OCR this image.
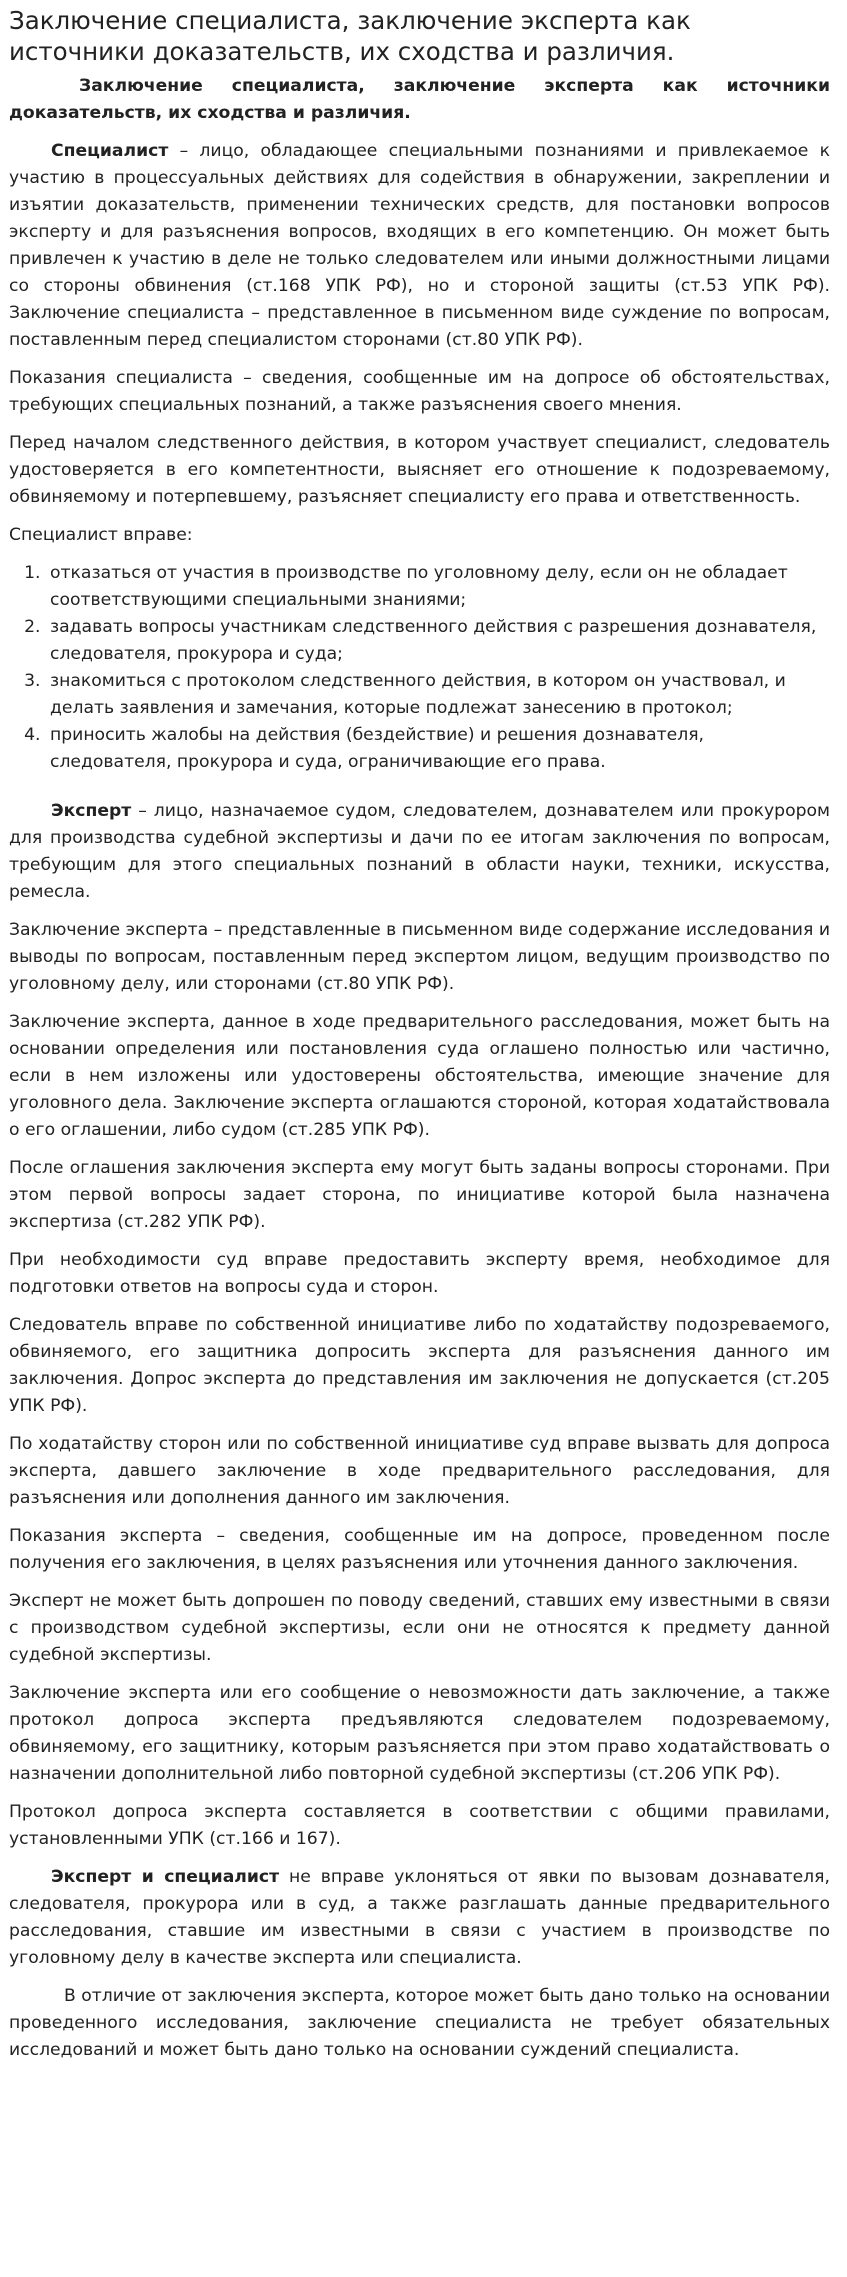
Заключение специалиста, заключение эксперта как источники доказательств, их сходства и различия.

Заключение специалиста, заключение эксперта как источники доказательств, их сходства и различия.

Специалист – лицо, обладающее специальными познаниями и привлекаемое к участию в процессуальных действиях для содействия в обнаружении, закреплении и изъятии доказательств, применении технических средств, для постановки вопросов эксперту и для разъяснения вопросов, входящих в его компетенцию. Он может быть привлечен к участию в деле не только следователем или иными должностными лицами со стороны обвинения (ст.168 УПК РФ), но и стороной защиты (ст.53 УПК РФ). Заключение специалиста – представленное в письменном виде суждение по вопросам, поставленным перед специалистом сторонами (ст.80 УПК РФ).

Показания специалиста – сведения, сообщенные им на допросе об обстоятельствах, требующих специальных познаний, а также разъяснения своего мнения.

Перед началом следственного действия, в котором участвует специалист, следователь удостоверяется в его компетентности, выясняет его отношение к подозреваемому, обвиняемому и потерпевшему, разъясняет специалисту его права и ответственность.

Специалист вправе:

1. отказаться от участия в производстве по уголовному делу, если он не обладает соответствующими специальными знаниями;
2. задавать вопросы участникам следственного действия с разрешения дознавателя, следователя, прокурора и суда;
3. знакомиться с протоколом следственного действия, в котором он участвовал, и делать заявления и замечания, которые подлежат занесению в протокол;
4. приносить жалобы на действия (бездействие) и решения дознавателя, следователя, прокурора и суда, ограничивающие его права.

Эксперт – лицо, назначаемое судом, следователем, дознавателем или прокурором для производства судебной экспертизы и дачи по ее итогам заключения по вопросам, требующим для этого специальных познаний в области науки, техники, искусства, ремесла.

Заключение эксперта – представленные в письменном виде содержание исследования и выводы по вопросам, поставленным перед экспертом лицом, ведущим производство по уголовному делу, или сторонами (ст.80 УПК РФ).

Заключение эксперта, данное в ходе предварительного расследования, может быть на основании определения или постановления суда оглашено полностью или частично, если в нем изложены или удостоверены обстоятельства, имеющие значение для уголовного дела. Заключение эксперта оглашаются стороной, которая ходатайствовала о его оглашении, либо судом (ст.285 УПК РФ).

После оглашения заключения эксперта ему могут быть заданы вопросы сторонами. При этом первой вопросы задает сторона, по инициативе которой была назначена экспертиза (ст.282 УПК РФ).

При необходимости суд вправе предоставить эксперту время, необходимое для подготовки ответов на вопросы суда и сторон.

Следователь вправе по собственной инициативе либо по ходатайству подозреваемого, обвиняемого, его защитника допросить эксперта для разъяснения данного им заключения. Допрос эксперта до представления им заключения не допускается (ст.205 УПК РФ).

По ходатайству сторон или по собственной инициативе суд вправе вызвать для допроса эксперта, давшего заключение в ходе предварительного расследования, для разъяснения или дополнения данного им заключения.

Показания эксперта – сведения, сообщенные им на допросе, проведенном после получения его заключения, в целях разъяснения или уточнения данного заключения.

Эксперт не может быть допрошен по поводу сведений, ставших ему известными в связи с производством судебной экспертизы, если они не относятся к предмету данной судебной экспертизы.

Заключение эксперта или его сообщение о невозможности дать заключение, а также протокол допроса эксперта предъявляются следователем подозреваемому, обвиняемому, его защитнику, которым разъясняется при этом право ходатайствовать о назначении дополнительной либо повторной судебной экспертизы (ст.206 УПК РФ).

Протокол допроса эксперта составляется в соответствии с общими правилами, установленными УПК (ст.166 и 167).

Эксперт и специалист не вправе уклоняться от явки по вызовам дознавателя, следователя, прокурора или в суд, а также разглашать данные предварительного расследования, ставшие им известными в связи с участием в производстве по уголовному делу в качестве эксперта или специалиста.

В отличие от заключения эксперта, которое может быть дано только на основании проведенного исследования, заключение специалиста не требует обязательных исследований и может быть дано только на основании суждений специалиста.
